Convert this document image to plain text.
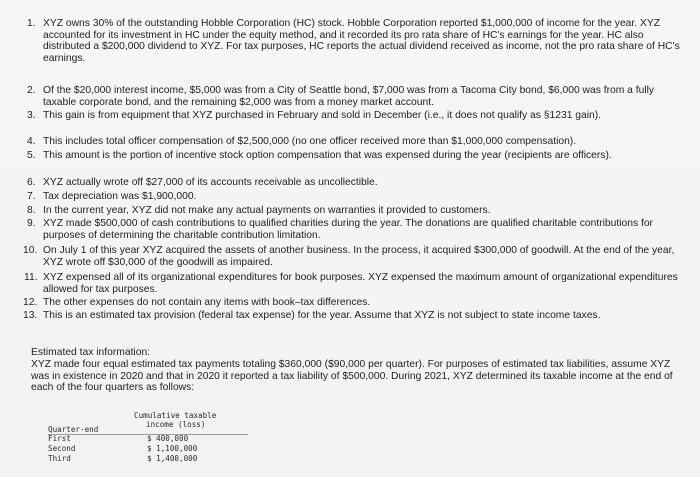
1. XYZ owns 30% of the outstanding Hobble Corporation (HC) stock. Hobble Corporation reported $1,000,000 of income for the year. XYZ accounted for its investment in HC under the equity method, and it recorded its pro rata share of HC's earnings for the year. HC also distributed a $200,000 dividend to XYZ. For tax purposes, HC reports the actual dividend received as income, not the pro rata share of HC's earnings.
2. Of the $20,000 interest income, $5,000 was from a City of Seattle bond, $7,000 was from a Tacoma City bond, $6,000 was from a fully taxable corporate bond, and the remaining $2,000 was from a money market account.
3. This gain is from equipment that XYZ purchased in February and sold in December (i.e., it does not qualify as §1231 gain).
4. This includes total officer compensation of $2,500,000 (no one officer received more than $1,000,000 compensation).
5. This amount is the portion of incentive stock option compensation that was expensed during the year (recipients are officers).
6. XYZ actually wrote off $27,000 of its accounts receivable as uncollectible.
7. Tax depreciation was $1,900,000.
8. In the current year, XYZ did not make any actual payments on warranties it provided to customers.
9. XYZ made $500,000 of cash contributions to qualified charities during the year. The donations are qualified charitable contributions for purposes of determining the charitable contribution limitation.
10. On July 1 of this year XYZ acquired the assets of another business. In the process, it acquired $300,000 of goodwill. At the end of the year, XYZ wrote off $30,000 of the goodwill as impaired.
11. XYZ expensed all of its organizational expenditures for book purposes. XYZ expensed the maximum amount of organizational expenditures allowed for tax purposes.
12. The other expenses do not contain any items with book–tax differences.
13. This is an estimated tax provision (federal tax expense) for the year. Assume that XYZ is not subject to state income taxes.
Estimated tax information:
XYZ made four equal estimated tax payments totaling $360,000 ($90,000 per quarter). For purposes of estimated tax liabilities, assume XYZ was in existence in 2020 and that in 2020 it reported a tax liability of $500,000. During 2021, XYZ determined its taxable income at the end of each of the four quarters as follows:
Cumulative taxable
income (loss)
Quarter-end
First	$ 400,000
Second	$ 1,100,000
Third	$ 1,400,000
